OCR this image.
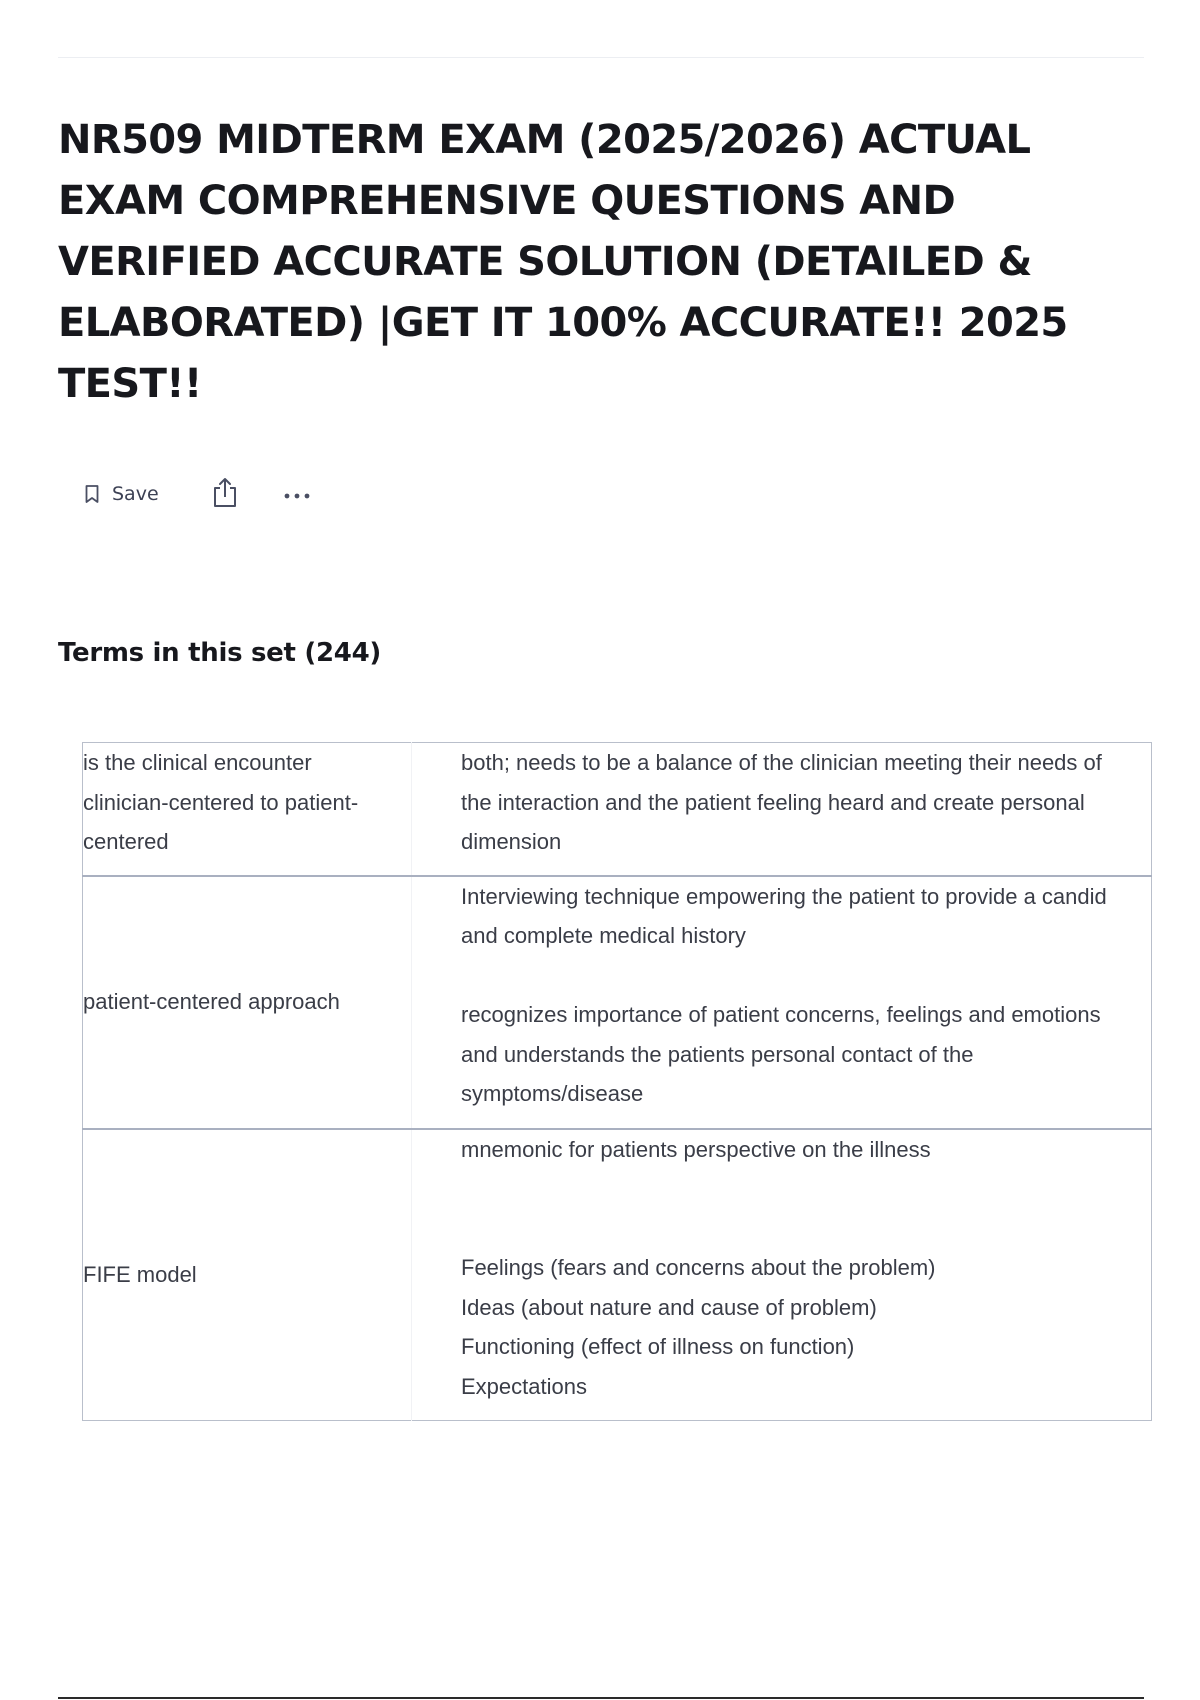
NR509 MIDTERM EXAM (2025/2026) ACTUAL EXAM COMPREHENSIVE QUESTIONS AND VERIFIED ACCURATE SOLUTION (DETAILED & ELABORATED) |GET IT 100% ACCURATE!! 2025 TEST!!
Save
Terms in this set (244)
is the clinical encounter clinician-centered to patient-centered	both; needs to be a balance of the clinician meeting their needs of the interaction and the patient feeling heard and create personal dimension

patient-centered approach	Interviewing technique empowering the patient to provide a candid and complete medical history
recognizes importance of patient concerns, feelings and emotions and understands the patients personal contact of the symptoms/disease

FIFE model	mnemonic for patients perspective on the illness
Feelings (fears and concerns about the problem)
Ideas (about nature and cause of problem)
Functioning (effect of illness on function)
Expectations
